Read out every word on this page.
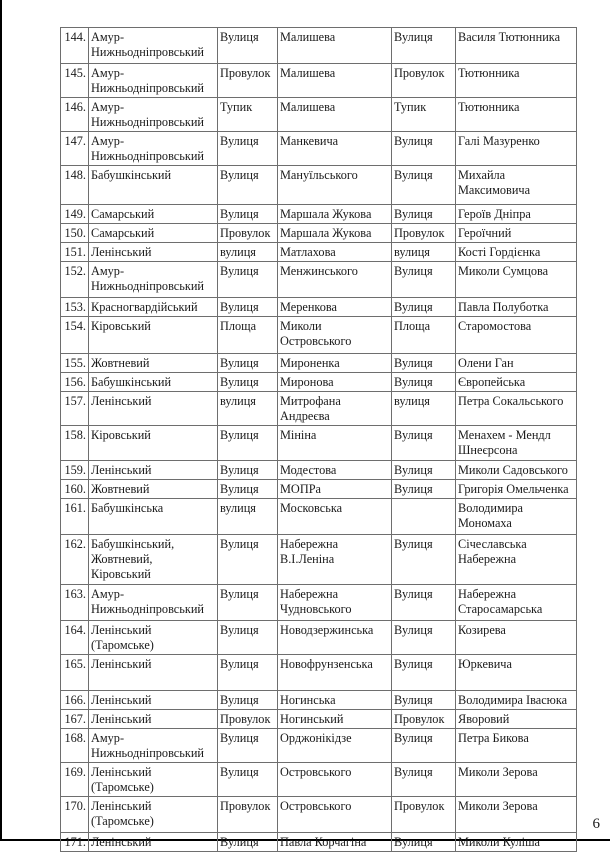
144.	Амур-Нижньодніпровський	Вулиця	Малишева	Вулиця	Василя Тютюнника
145.	Амур-Нижньодніпровський	Провулок	Малишева	Провулок	Тютюнника
146.	Амур-Нижньодніпровський	Тупик	Малишева	Тупик	Тютюнника
147.	Амур-Нижньодніпровський	Вулиця	Манкевича	Вулиця	Галі Мазуренко
148.	Бабушкінський	Вулиця	Мануїльського	Вулиця	Михайла Максимовича
149.	Самарський	Вулиця	Маршала Жукова	Вулиця	Героїв Дніпра
150.	Самарський	Провулок	Маршала Жукова	Провулок	Героїчний
151.	Ленінський	вулиця	Матлахова	вулиця	Кості Гордієнка
152.	Амур-Нижньодніпровський	Вулиця	Менжинського	Вулиця	Миколи Сумцова
153.	Красногвардійський	Вулиця	Меренкова	Вулиця	Павла Полуботка
154.	Кіровський	Площа	Миколи Островського	Площа	Старомостова
155.	Жовтневий	Вулиця	Мироненка	Вулиця	Олени Ган
156.	Бабушкінський	Вулиця	Миронова	Вулиця	Європейська
157.	Ленінський	вулиця	Митрофана Андреєва	вулиця	Петра Сокальського
158.	Кіровський	Вулиця	Мініна	Вулиця	Менахем - Мендл Шнеєрсона
159.	Ленінський	Вулиця	Модестова	Вулиця	Миколи Садовського
160.	Жовтневий	Вулиця	МОПРа	Вулиця	Григорія Омельченка
161.	Бабушкінська	вулиця	Московська		Володимира Мономаха
162.	Бабушкінський, Жовтневий, Кіровський	Вулиця	Набережна В.І.Леніна	Вулиця	Січеславська Набережна
163.	Амур-Нижньодніпровський	Вулиця	Набережна Чудновського	Вулиця	Набережна Старосамарська
164.	Ленінський (Таромське)	Вулиця	Новодзержинська	Вулиця	Козирева
165.	Ленінський	Вулиця	Новофрунзенська	Вулиця	Юркевича
166.	Ленінський	Вулиця	Ногинська	Вулиця	Володимира Івасюка
167.	Ленінський	Провулок	Ногинський	Провулок	Яворовий
168.	Амур-Нижньодніпровський	Вулиця	Орджонікідзе	Вулиця	Петра Бикова
169.	Ленінський (Таромське)	Вулиця	Островського	Вулиця	Миколи Зерова
170.	Ленінський (Таромське)	Провулок	Островського	Провулок	Миколи Зерова
171.	Ленінський	Вулиця	Павла Корчагіна	Вулиця	Миколи Куліша
6
